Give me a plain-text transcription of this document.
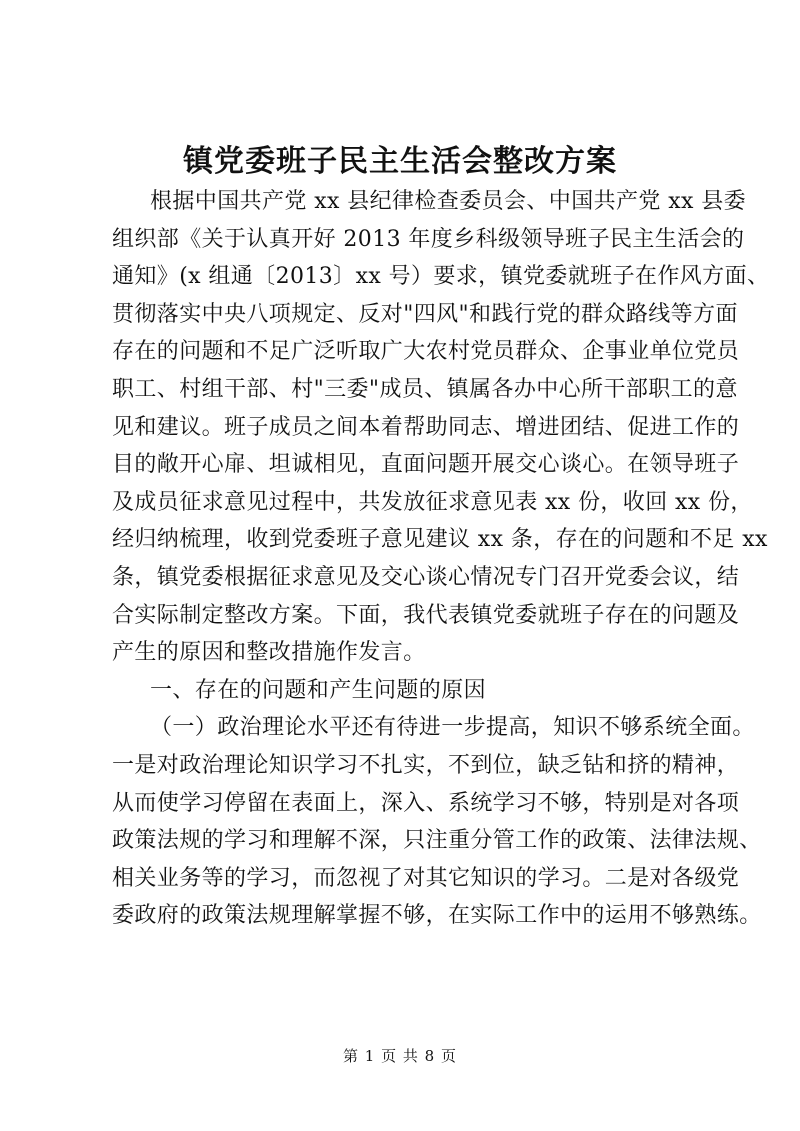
镇党委班子民主生活会整改方案
根据中国共产党 xx 县纪律检查委员会、中国共产党 xx 县委
组织部《关于认真开好 2013 年度乡科级领导班子民主生活会的
通知》(x 组通〔2013〕xx 号）要求，镇党委就班子在作风方面、
贯彻落实中央八项规定、反对"四风"和践行党的群众路线等方面
存在的问题和不足广泛听取广大农村党员群众、企事业单位党员
职工、村组干部、村"三委"成员、镇属各办中心所干部职工的意
见和建议。班子成员之间本着帮助同志、增进团结、促进工作的
目的敞开心扉、坦诚相见，直面问题开展交心谈心。在领导班子
及成员征求意见过程中，共发放征求意见表 xx 份，收回 xx 份，
经归纳梳理，收到党委班子意见建议 xx 条，存在的问题和不足 xx
条，镇党委根据征求意见及交心谈心情况专门召开党委会议，结
合实际制定整改方案。下面，我代表镇党委就班子存在的问题及
产生的原因和整改措施作发言。
一、存在的问题和产生问题的原因
（一）政治理论水平还有待进一步提高，知识不够系统全面。
一是对政治理论知识学习不扎实，不到位，缺乏钻和挤的精神，
从而使学习停留在表面上，深入、系统学习不够，特别是对各项
政策法规的学习和理解不深，只注重分管工作的政策、法律法规、
相关业务等的学习，而忽视了对其它知识的学习。二是对各级党
委政府的政策法规理解掌握不够，在实际工作中的运用不够熟练。
第 1 页 共 8 页
